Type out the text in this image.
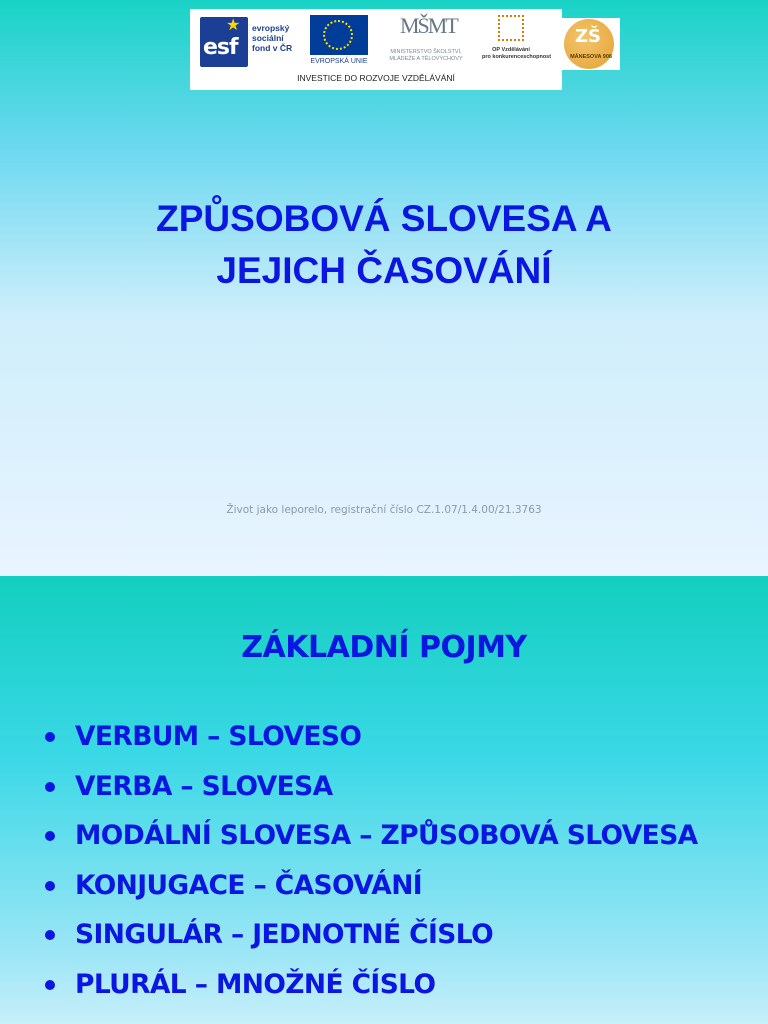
★
esf
evropský
sociální
fond v ČR
EVROPSKÁ UNIE
MŠMT
MINISTERSTVO ŠKOLSTVÍ,
MLÁDEŽE A TĚLOVÝCHOVY
OP Vzdělávání
pro konkurenceschopnost
INVESTICE DO ROZVOJE VZDĚLÁVÁNÍ
ZŠ
MÁNESOVA 908
ZPŮSOBOVÁ SLOVESA A
JEJICH ČASOVÁNÍ
Život jako leporelo, registrační číslo CZ.1.07/1.4.00/21.3763
ZÁKLADNÍ POJMY
VERBUM – SLOVESO
VERBA – SLOVESA
MODÁLNÍ SLOVESA – ZPŮSOBOVÁ SLOVESA
KONJUGACE – ČASOVÁNÍ
SINGULÁR – JEDNOTNÉ ČÍSLO
PLURÁL – MNOŽNÉ ČÍSLO
